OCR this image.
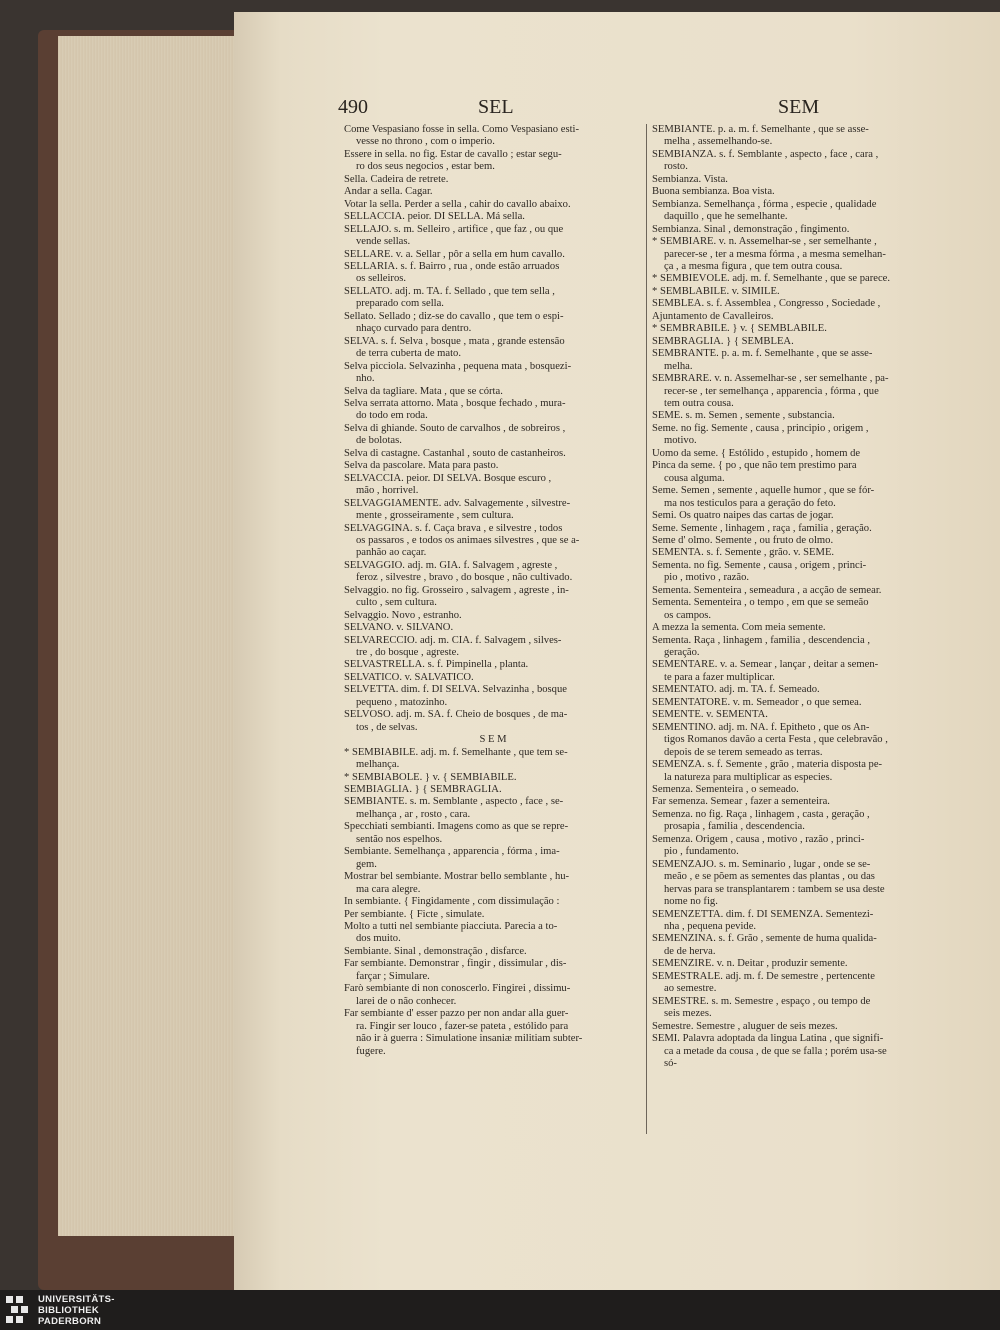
490	SEL	SEM
Come Vespasiano fosse in sella. Como Vespasiano esti-
vesse no throno , com o imperio.
Essere in sella. no fig. Estar de cavallo ; estar segu-
ro dos seus negocios , estar bem.
Sella. Cadeira de retrete.
Andar a sella. Cagar.
Votar la sella. Perder a sella , cahir do cavallo abaixo.
SELLACCIA. peior. DI SELLA. Má sella.
SELLAJO. s. m. Selleiro , artifice , que faz , ou que
vende sellas.
SELLARE. v. a. Sellar , pôr a sella em hum cavallo.
SELLARIA. s. f. Bairro , rua , onde estão arruados
os selleiros.
SELLATO. adj. m. TA. f. Sellado , que tem sella ,
preparado com sella.
Sellato. Sellado ; diz-se do cavallo , que tem o espi-
nhaço curvado para dentro.
SELVA. s. f. Selva , bosque , mata , grande estensão
de terra cuberta de mato.
Selva picciola. Selvazinha , pequena mata , bosquezi-
nho.
Selva da tagliare. Mata , que se córta.
Selva serrata attorno. Mata , bosque fechado , mura-
do todo em roda.
Selva di ghiande. Souto de carvalhos , de sobreiros ,
de bolotas.
Selva di castagne. Castanhal , souto de castanheiros.
Selva da pascolare. Mata para pasto.
SELVACCIA. peior. DI SELVA. Bosque escuro ,
mão , horrivel.
SELVAGGIAMENTE. adv. Salvagemente , silvestre-
mente , grosseiramente , sem cultura.
SELVAGGINA. s. f. Caça brava , e silvestre , todos
os passaros , e todos os animaes silvestres , que se a-
panhão ao caçar.
SELVAGGIO. adj. m. GIA. f. Salvagem , agreste ,
feroz , silvestre , bravo , do bosque , não cultivado.
Selvaggio. no fig. Grosseiro , salvagem , agreste , in-
culto , sem cultura.
Selvaggio. Novo , estranho.
SELVANO. v. SILVANO.
SELVARECCIO. adj. m. CIA. f. Salvagem , silves-
tre , do bosque , agreste.
SELVASTRELLA. s. f. Pimpinella , planta.
SELVATICO. v. SALVATICO.
SELVETTA. dim. f. DI SELVA. Selvazinha , bosque
pequeno , matozinho.
SELVOSO. adj. m. SA. f. Cheio de bosques , de ma-
tos , de selvas.
S E M
* SEMBIABILE. adj. m. f. Semelhante , que tem se-
melhança.
* SEMBIABOLE. } v. { SEMBIABILE.
SEMBIAGLIA. } { SEMBRAGLIA.
SEMBIANTE. s. m. Semblante , aspecto , face , se-
melhança , ar , rosto , cara.
Specchiati sembianti. Imagens como as que se repre-
sentão nos espelhos.
Sembiante. Semelhança , apparencia , fórma , ima-
gem.
Mostrar bel sembiante. Mostrar bello semblante , hu-
ma cara alegre.
In sembiante. { Fingidamente , com dissimulação :
Per sembiante. { Ficte , simulate.
Molto a tutti nel sembiante piacciuta. Parecia a to-
dos muito.
Sembiante. Sinal , demonstração , disfarce.
Far sembiante. Demonstrar , fingir , dissimular , dis-
farçar ; Simulare.
Farò sembiante di non conoscerlo. Fingirei , dissimu-
larei de o não conhecer.
Far sembiante d' esser pazzo per non andar alla guer-
ra. Fingir ser louco , fazer-se pateta , estólido para
não ir à guerra : Simulatione insaniæ militiam subter-
fugere.
SEMBIANTE. p. a. m. f. Semelhante , que se asse-
melha , assemelhando-se.
SEMBIANZA. s. f. Semblante , aspecto , face , cara ,
rosto.
Sembianza. Vista.
Buona sembianza. Boa vista.
Sembianza. Semelhança , fórma , especie , qualidade
daquillo , que he semelhante.
Sembianza. Sinal , demonstração , fingimento.
* SEMBIARE. v. n. Assemelhar-se , ser semelhante ,
parecer-se , ter a mesma fórma , a mesma semelhan-
ça , a mesma figura , que tem outra cousa.
* SEMBIEVOLE. adj. m. f. Semelhante , que se parece.
* SEMBLABILE. v. SIMILE.
SEMBLEA. s. f. Assemblea , Congresso , Sociedade ,
Ajuntamento de Cavalleiros.
* SEMBRABILE. } v. { SEMBLABILE.
SEMBRAGLIA. } { SEMBLEA.
SEMBRANTE. p. a. m. f. Semelhante , que se asse-
melha.
SEMBRARE. v. n. Assemelhar-se , ser semelhante , pa-
recer-se , ter semelhança , apparencia , fórma , que
tem outra cousa.
SEME. s. m. Semen , semente , substancia.
Seme. no fig. Semente , causa , principio , origem ,
motivo.
Uomo da seme. { Estólido , estupido , homem de
Pinca da seme. { po , que não tem prestimo para
cousa alguma.
Seme. Semen , semente , aquelle humor , que se fór-
ma nos testiculos para a geração do feto.
Semi. Os quatro naipes das cartas de jogar.
Seme. Semente , linhagem , raça , familia , geração.
Seme d' olmo. Semente , ou fruto de olmo.
SEMENTA. s. f. Semente , grão. v. SEME.
Sementa. no fig. Semente , causa , origem , princi-
pio , motivo , razão.
Sementa. Sementeira , semeadura , a acção de semear.
Sementa. Sementeira , o tempo , em que se semeão
os campos.
A mezza la sementa. Com meia semente.
Sementa. Raça , linhagem , familia , descendencia ,
geração.
SEMENTARE. v. a. Semear , lançar , deitar a semen-
te para a fazer multiplicar.
SEMENTATO. adj. m. TA. f. Semeado.
SEMENTATORE. v. m. Semeador , o que semea.
SEMENTE. v. SEMENTA.
SEMENTINO. adj. m. NA. f. Epitheto , que os An-
tigos Romanos davão a certa Festa , que celebravão ,
depois de se terem semeado as terras.
SEMENZA. s. f. Semente , grão , materia disposta pe-
la natureza para multiplicar as especies.
Semenza. Sementeira , o semeado.
Far semenza. Semear , fazer a sementeira.
Semenza. no fig. Raça , linhagem , casta , geração ,
prosapia , familia , descendencia.
Semenza. Origem , causa , motivo , razão , princi-
pio , fundamento.
SEMENZAJO. s. m. Seminario , lugar , onde se se-
meão , e se põem as sementes das plantas , ou das
hervas para se transplantarem : tambem se usa deste
nome no fig.
SEMENZETTA. dim. f. DI SEMENZA. Sementezi-
nha , pequena pevide.
SEMENZINA. s. f. Grão , semente de huma qualida-
de de herva.
SEMENZIRE. v. n. Deitar , produzir semente.
SEMESTRALE. adj. m. f. De semestre , pertencente
ao semestre.
SEMESTRE. s. m. Semestre , espaço , ou tempo de
seis mezes.
Semestre. Semestre , aluguer de seis mezes.
SEMI. Palavra adoptada da lingua Latina , que signifi-
ca a metade da cousa , de que se falla ; porém usa-se
só-
UNIVERSITÄTS-
BIBLIOTHEK
PADERBORN
